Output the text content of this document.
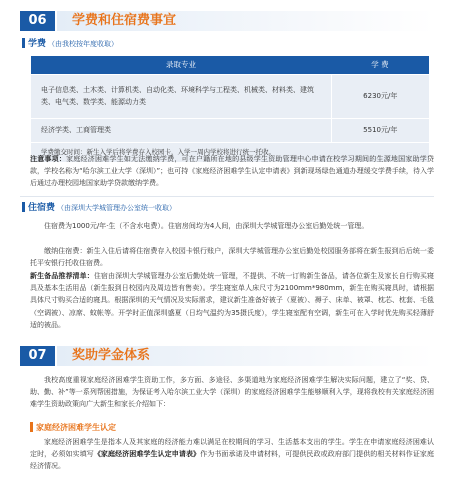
06	学费和住宿费事宜
学费 （由我校按年度收取）
录取专业	学 费
电子信息类、土木类、计算机类、自动化类、环境科学与工程类、机械类、材料类、建筑类、电气类、数学类、能源动力类	6230元/年
经济学类、工商管理类	5510元/年
学费缴交时间：新生入学后将学费存入校园卡，入学一周内学校将进行统一托收。	
注意事项：家庭经济困难学生如无法缴纳学费，可在户籍所在地的县级学生资助管理中心申请在校学习期间的生源地国家助学贷款，学校名称为“哈尔滨工业大学（深圳）”；也可持《家庭经济困难学生认定申请表》到新现场绿色通道办理缓交学费手续，待入学后通过办理校园地国家助学贷款缴纳学费。
住宿费 （由深圳大学城管理办公室统一收取）
住宿费为1000元/年·生（不含水电费）。住宿房间均为4人间，由深圳大学城管理办公室后勤处统一管理。
缴纳住宿费：新生入住后请将住宿费存入校园卡银行账户，深圳大学城管理办公室后勤处校园服务部将在新生报到后后统一委托平安银行托收住宿费。
新生备品推荐清单：住宿由深圳大学城管理办公室后勤处统一管理，不提供、不统一订购新生备品，请各位新生及家长自行购买寝具及基本生活用品（新生报到日校园内及周边皆有售卖）。学生寝室单人床尺寸为2100mm*980mm，新生在购买寝具时，请根据具体尺寸购买合适的寝具。根据深圳的天气情况及实际需求，建议新生准备好被子（夏被）、褥子、床单、被罩、枕芯、枕套、毛毯（空调被）、凉席、蚊帐等。开学时正值深圳盛夏（日均气温约为35摄氏度），学生寝室配有空调，新生可在入学时优先购买轻薄舒适的被品。
07	奖助学金体系
我校高度重视家庭经济困难学生资助工作，多方面、多途径、多渠道地为家庭经济困难学生解决实际问题，建立了“奖、贷、助、勤、补”等一系列帮困措施，为保证考入哈尔滨工业大学（深圳）的家庭经济困难学生能够顺利入学，现将我校有关家庭经济困难学生资助政策向广大新生和家长介绍如下：
家庭经济困难学生认定
家庭经济困难学生是指本人及其家庭的经济能力难以满足在校期间的学习、生活基本支出的学生。学生在申请家庭经济困难认定时，必须如实填写《家庭经济困难学生认定申请表》作为书面承诺及申请材料，可提供民政或政府部门提供的相关材料作证家庭经济情况。
